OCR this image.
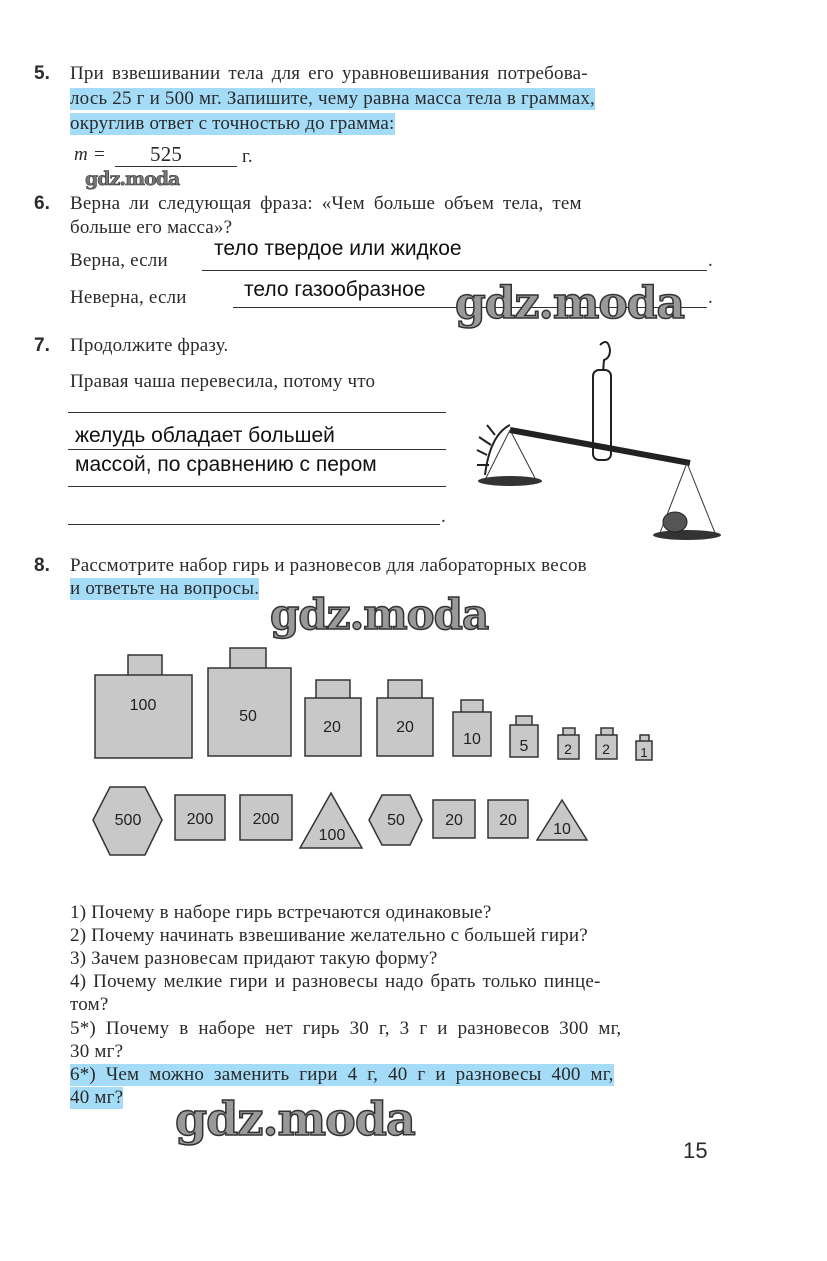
5. При взвешивании тела для его уравновешивания потребова-
лось 25 г и 500 мг. Запишите, чему равна масса тела в граммах,
округлив ответ с точностью до грамма:
m = 525	г.
gdz.moda
6. Верна ли следующая фраза: «Чем больше объем тела, тем
больше его масса»?
Верна, если	.
тело твердое или жидкое
Неверна, если	.
тело газообразное gdz.moda
7. Продолжите фразу.
Правая чаша перевесила, потому что
.
желудь обладает большей
массой, по сравнению с пером
8. Рассмотрите набор гирь и разновесов для лабораторных весов
и ответьте на вопросы.
gdz.moda
100
50
20	20
10 5	2 2 1
500	200 200
100
50	20 20
10
1) Почему в наборе гирь встречаются одинаковые?
2) Почему начинать взвешивание желательно с большей гири?
3) Зачем разновесам придают такую форму?
4) Почему мелкие гири и разновесы надо брать только пинце-
том?
5*) Почему в наборе нет гирь 30 г, 3 г и разновесов 300 мг,
30 мг?
6*) Чем можно заменить гири 4 г, 40 г и разновесы 400 мг,
40 мг? gdz.moda
15
